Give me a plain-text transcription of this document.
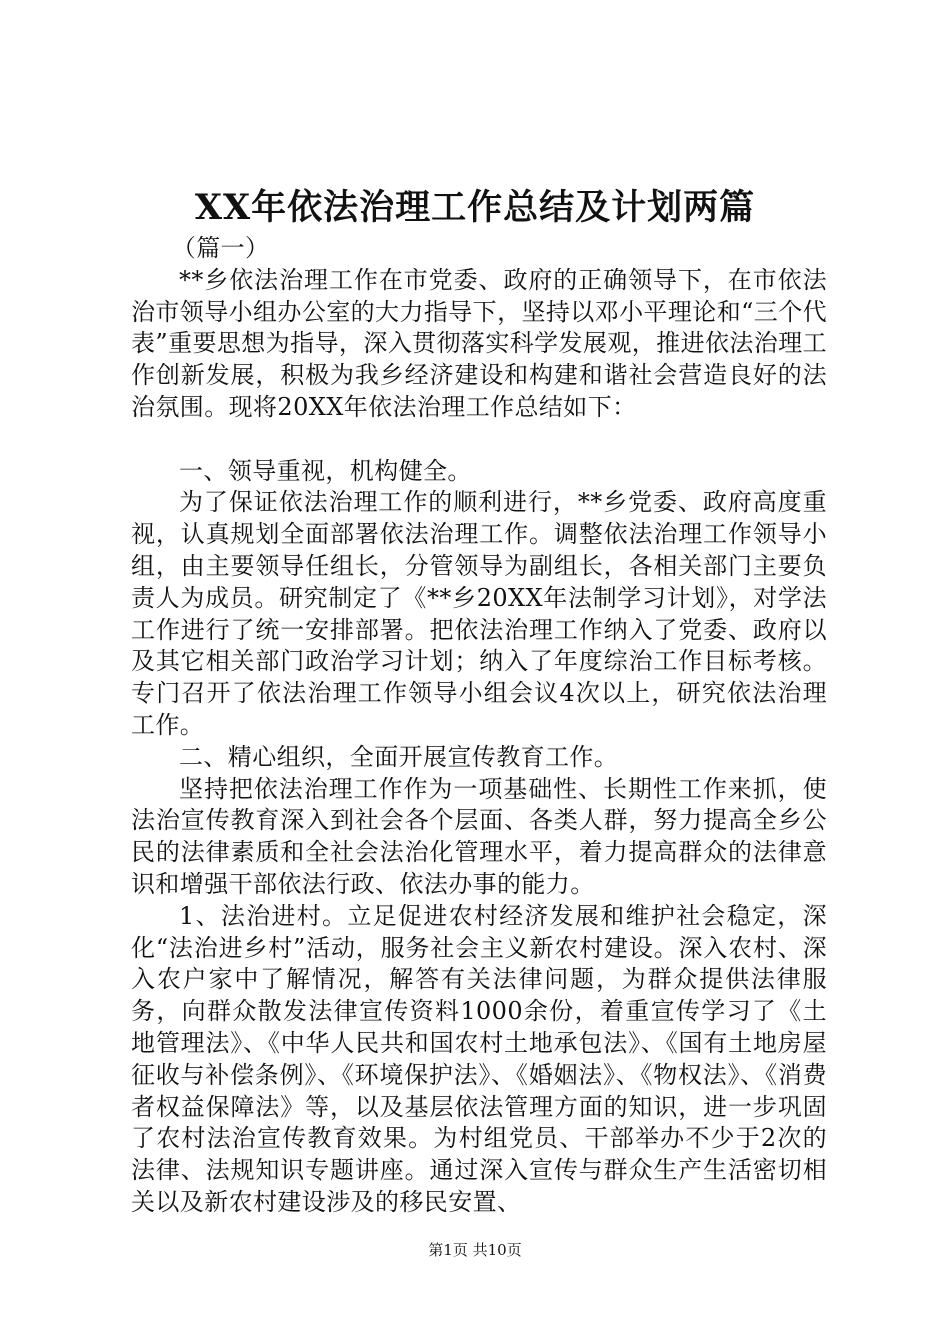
XX年依法治理工作总结及计划两篇

（篇一）

**乡依法治理工作在市党委、政府的正确领导下，在市依法治市领导小组办公室的大力指导下，坚持以邓小平理论和“三个代表”重要思想为指导，深入贯彻落实科学发展观，推进依法治理工作创新发展，积极为我乡经济建设和构建和谐社会营造良好的法治氛围。现将20XX年依法治理工作总结如下：

一、领导重视，机构健全。

为了保证依法治理工作的顺利进行，**乡党委、政府高度重视，认真规划全面部署依法治理工作。调整依法治理工作领导小组，由主要领导任组长，分管领导为副组长，各相关部门主要负责人为成员。研究制定了《**乡20XX年法制学习计划》，对学法工作进行了统一安排部署。把依法治理工作纳入了党委、政府以及其它相关部门政治学习计划；纳入了年度综治工作目标考核。专门召开了依法治理工作领导小组会议4次以上，研究依法治理工作。

二、精心组织，全面开展宣传教育工作。

坚持把依法治理工作作为一项基础性、长期性工作来抓，使法治宣传教育深入到社会各个层面、各类人群，努力提高全乡公民的法律素质和全社会法治化管理水平，着力提高群众的法律意识和增强干部依法行政、依法办事的能力。

1、法治进村。立足促进农村经济发展和维护社会稳定，深化“法治进乡村”活动，服务社会主义新农村建设。深入农村、深入农户家中了解情况，解答有关法律问题，为群众提供法律服务，向群众散发法律宣传资料1000余份，着重宣传学习了《土地管理法》、《中华人民共和国农村土地承包法》、《国有土地房屋征收与补偿条例》、《环境保护法》、《婚姻法》、《物权法》、《消费者权益保障法》等，以及基层依法管理方面的知识，进一步巩固了农村法治宣传教育效果。为村组党员、干部举办不少于2次的法律、法规知识专题讲座。通过深入宣传与群众生产生活密切相关以及新农村建设涉及的移民安置、

第1页 共10页
